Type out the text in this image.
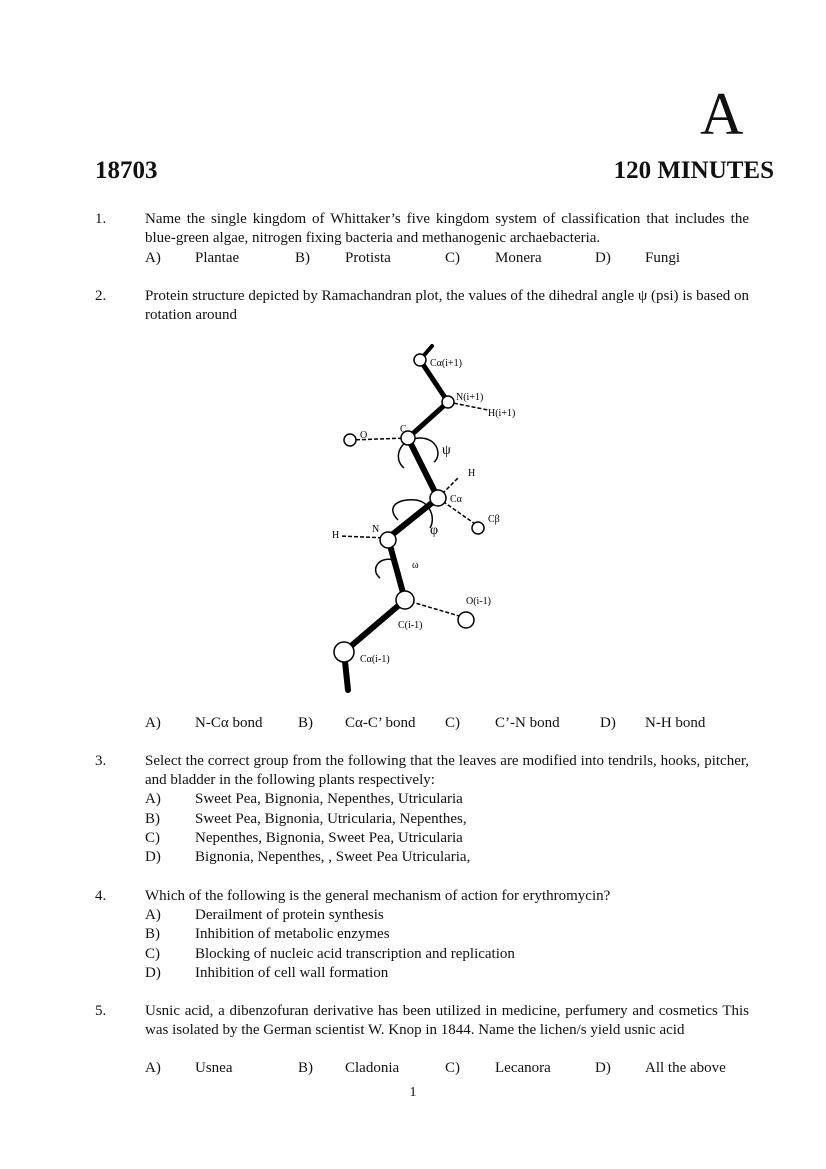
A
18703	120 MINUTES
1.	Name the single kingdom of Whittaker’s five kingdom system of classification that includes the blue-green algae, nitrogen fixing bacteria and methanogenic archaebacteria.
A) Plantae	B) Protista	C) Monera	D) Fungi
2.	Protein structure depicted by Ramachandran plot, the values of the dihedral angle ψ (psi) is based on rotation around
Cα(i+1)
N(i+1)
H(i+1)
O
C
ψ
H
Cα
Cβ
N	φ
H
ω
O(i-1)
C(i-1)
Cα(i-1)
A) N-Cα bond B) Cα-C’ bond C) C’-N bond	D) N-H bond
3.	Select the correct group from the following that the leaves are modified into tendrils, hooks, pitcher, and bladder in the following plants respectively:
A) Sweet Pea, Bignonia, Nepenthes, Utricularia
B) Sweet Pea, Bignonia, Utricularia, Nepenthes,
C) Nepenthes, Bignonia, Sweet Pea, Utricularia
D) Bignonia, Nepenthes, , Sweet Pea Utricularia,
4.	Which of the following is the general mechanism of action for erythromycin?
A) Derailment of protein synthesis
B) Inhibition of metabolic enzymes
C) Blocking of nucleic acid transcription and replication
D) Inhibition of cell wall formation
5.	Usnic acid, a dibenzofuran derivative has been utilized in medicine, perfumery and cosmetics This was isolated by the German scientist W. Knop in 1844. Name the lichen/s yield usnic acid
A) Usnea	B) Cladonia	C) Lecanora	D) All the above
1
